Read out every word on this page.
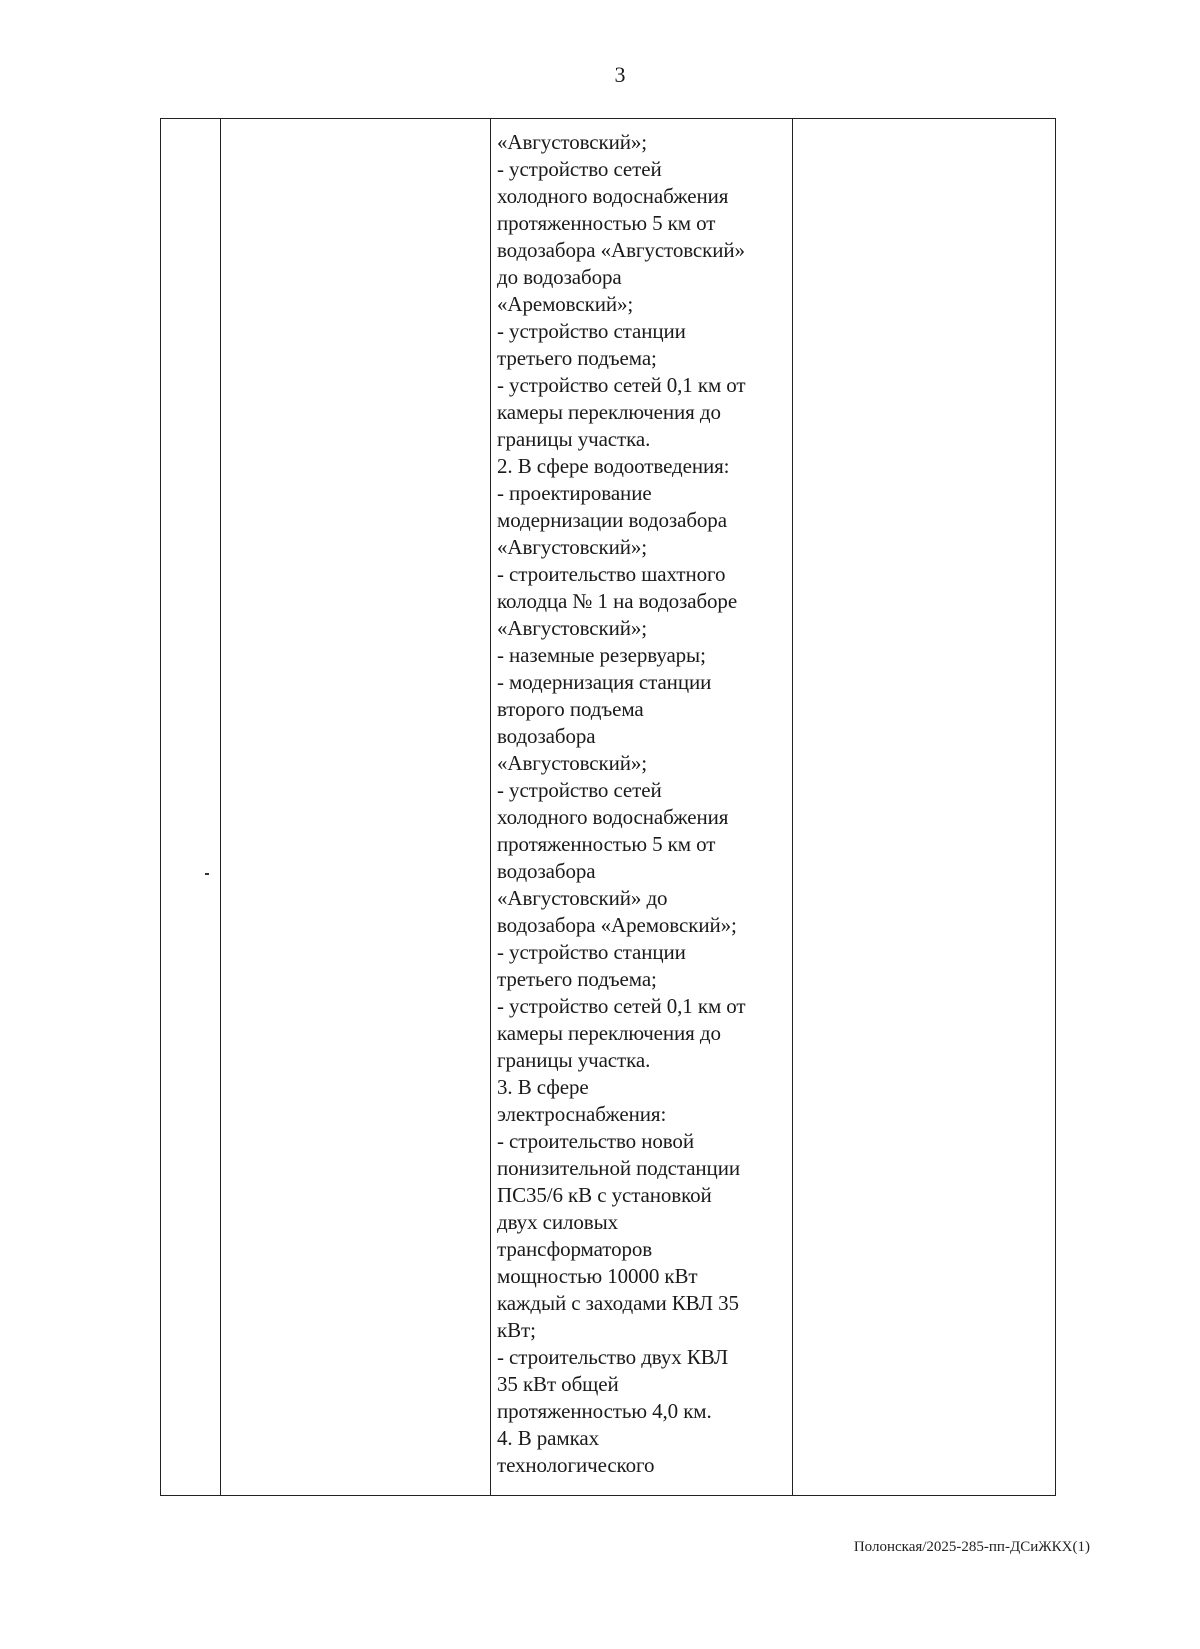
3
«Августовский»;
- устройство сетей
холодного водоснабжения
протяженностью 5 км от
водозабора «Августовский»
до водозабора
«Аремовский»;
- устройство станции
третьего подъема;
- устройство сетей 0,1 км от
камеры переключения до
границы участка.
2. В сфере водоотведения:
- проектирование
модернизации водозабора
«Августовский»;
- строительство шахтного
колодца № 1 на водозаборе
«Августовский»;
- наземные резервуары;
- модернизация станции
второго подъема
водозабора
«Августовский»;
- устройство сетей
холодного водоснабжения
протяженностью 5 км от
водозабора
«Августовский» до
водозабора «Аремовский»;
- устройство станции
третьего подъема;
- устройство сетей 0,1 км от
камеры переключения до
границы участка.
3. В сфере
электроснабжения:
- строительство новой
понизительной подстанции
ПС35/6 кВ с установкой
двух силовых
трансформаторов
мощностью 10000 кВт
каждый с заходами КВЛ 35
кВт;
- строительство двух КВЛ
35 кВт общей
протяженностью 4,0 км.
4. В рамках
технологического
Полонская/2025-285-пп-ДСиЖКХ(1)
